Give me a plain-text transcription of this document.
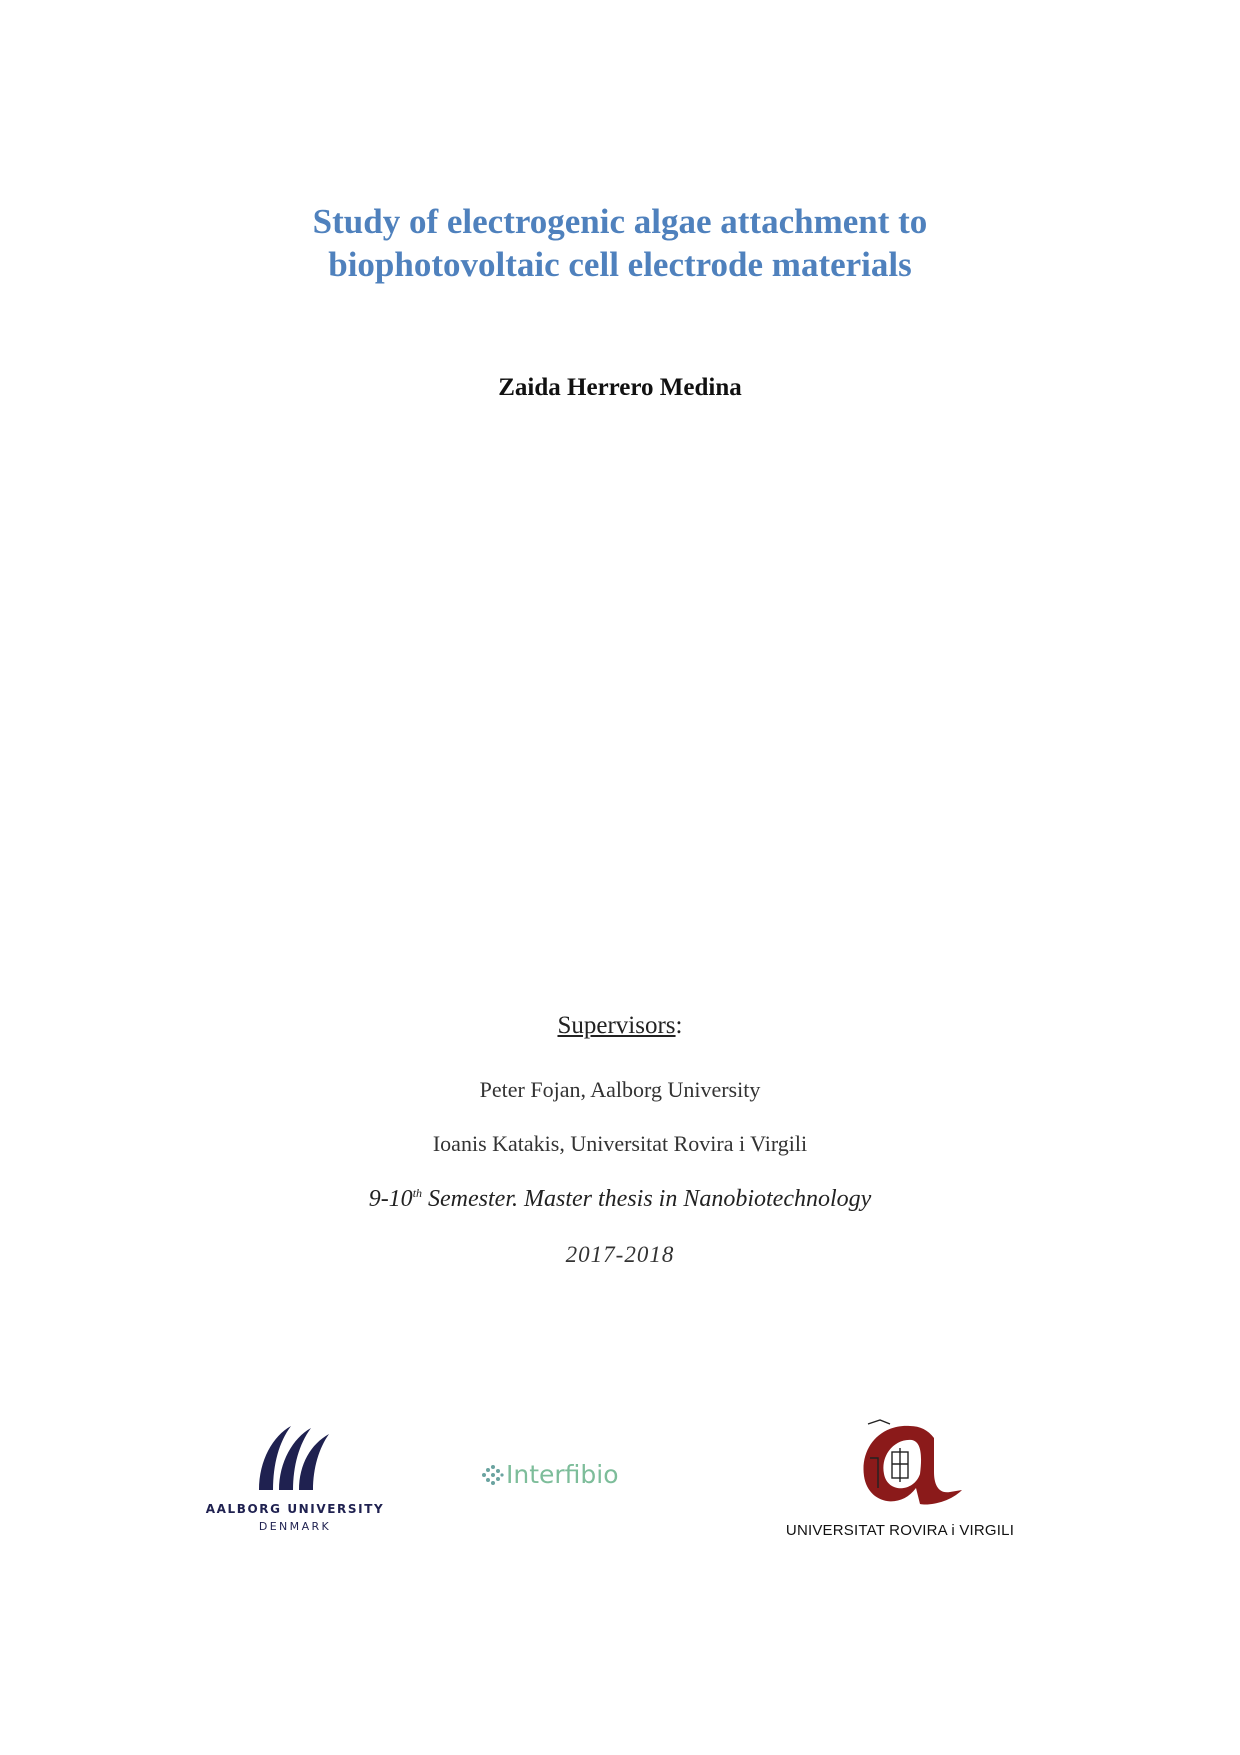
Study of electrogenic algae attachment to
biophotovoltaic cell electrode materials
Zaida Herrero Medina
Supervisors:
Peter Fojan, Aalborg University
Ioanis Katakis, Universitat Rovira i Virgili
9-10th Semester. Master thesis in Nanobiotechnology
2017-2018
AALBORG UNIVERSITY
DENMARK
Interfibio
UNIVERSITAT ROVIRA i VIRGILI
